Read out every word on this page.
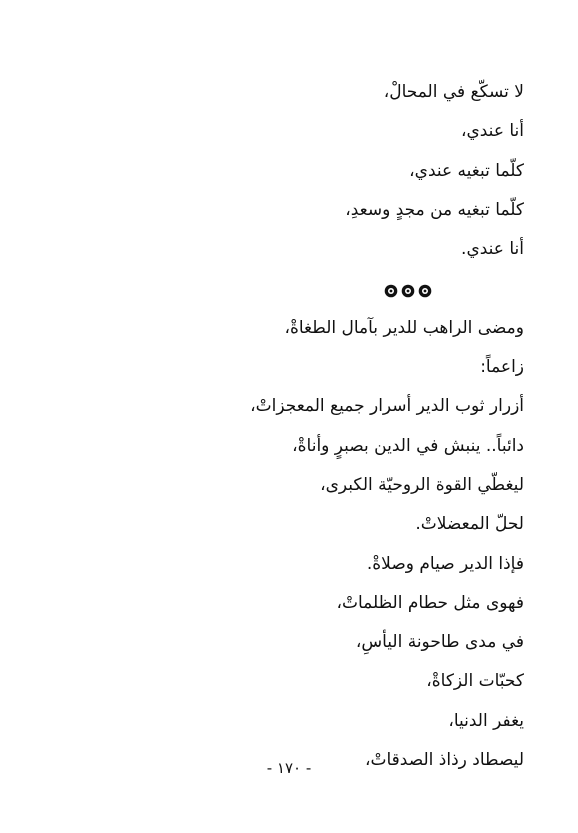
لا تسكّع في المحالْ،
أنا عندي،
كلّما تبغيه عندي،
كلّما تبغيه من مجدٍ وسعدِ،
أنا عندي.
ومضى الراهب للدير بآمال الطغاةْ،
زاعماً:
أزرار ثوب الدير أسرار جميع المعجزاتْ،
دائباً.. ينبش في الدين بصبرٍ وأناةْ،
ليغطّي القوة الروحيّة الكبرى،
لحلّ المعضلاتْ.
فإذا الدير صيام وصلاةْ.
فهوى مثل حطام الظلماتْ،
في مدى طاحونة اليأسِ،
كحبّات الزكاةْ،
يغفر الدنيا،
ليصطاد رذاذ الصدقاتْ،
- ١٧٠ -
